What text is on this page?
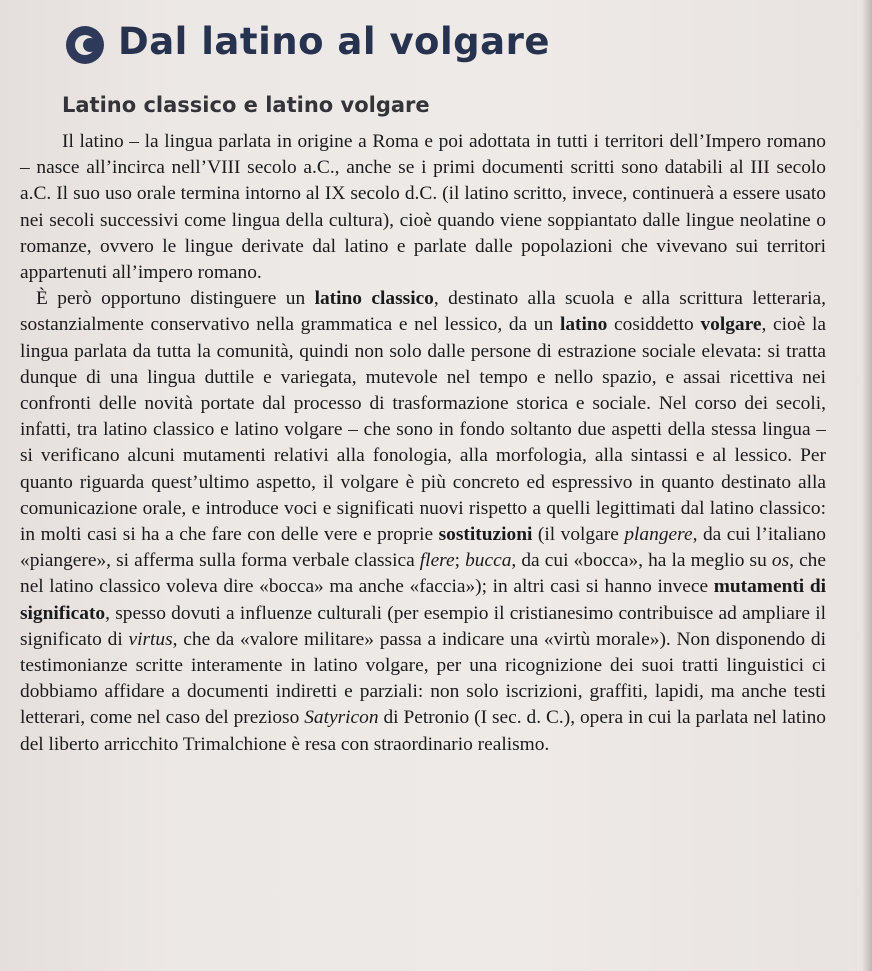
Dal latino al volgare
Latino classico e latino volgare

Il latino – la lingua parlata in origine a Roma e poi adottata in tutti i territori dell’Impero romano – nasce all’incirca nell’VIII secolo a.C., anche se i primi documenti scritti sono databili al III secolo a.C. Il suo uso orale termina intorno al IX secolo d.C. (il latino scritto, invece, continuerà a essere usato nei secoli successivi come lingua della cultura), cioè quando viene soppiantato dalle lingue neolatine o romanze, ovvero le lingue derivate dal latino e parlate dalle popolazioni che vivevano sui territori appartenuti all’impero romano.

È però opportuno distinguere un latino classico, destinato alla scuola e alla scrittura letteraria, sostanzialmente conservativo nella grammatica e nel lessico, da un latino cosiddetto volgare, cioè la lingua parlata da tutta la comunità, quindi non solo dalle persone di estrazione sociale elevata: si tratta dunque di una lingua duttile e variegata, mutevole nel tempo e nello spazio, e assai ricettiva nei confronti delle novità portate dal processo di trasformazione storica e sociale. Nel corso dei secoli, infatti, tra latino classico e latino volgare – che sono in fondo soltanto due aspetti della stessa lingua – si verificano alcuni mutamenti relativi alla fonologia, alla morfologia, alla sintassi e al lessico. Per quanto riguarda quest’ultimo aspetto, il volgare è più concreto ed espressivo in quanto destinato alla comunicazione orale, e introduce voci e significati nuovi rispetto a quelli legittimati dal latino classico: in molti casi si ha a che fare con delle vere e proprie sostituzioni (il volgare plangere, da cui l’italiano «piangere», si afferma sulla forma verbale classica flere; bucca, da cui «bocca», ha la meglio su os, che nel latino classico voleva dire «bocca» ma anche «faccia»); in altri casi si hanno invece mutamenti di significato, spesso dovuti a influenze culturali (per esempio il cristianesimo contribuisce ad ampliare il significato di virtus, che da «valore militare» passa a indicare una «virtù morale»). Non disponendo di testimonianze scritte interamente in latino volgare, per una ricognizione dei suoi tratti linguistici ci dobbiamo affidare a documenti indiretti e parziali: non solo iscrizioni, graffiti, lapidi, ma anche testi letterari, come nel caso del prezioso Satyricon di Petronio (I sec. d. C.), opera in cui la parlata nel latino del liberto arricchito Trimalchione è resa con straordinario realismo.
